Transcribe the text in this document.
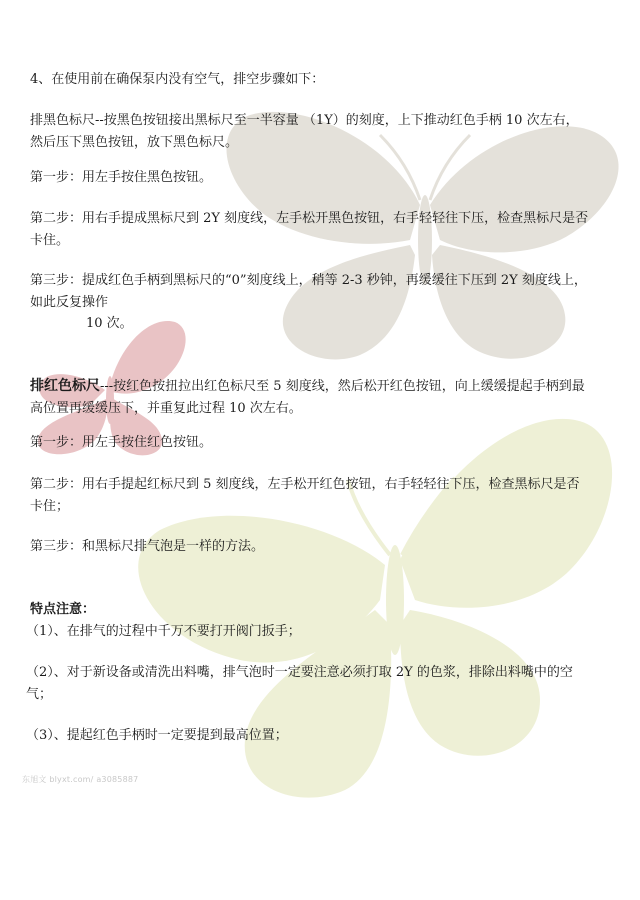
4、在使用前在确保泵内没有空气，排空步骤如下：

排黑色标尺--按黑色按钮接出黑标尺至一半容量 （1Y）的刻度，上下推动红色手柄 10 次左右，然后压下黑色按钮，放下黑色标尺。

第一步：用左手按住黑色按钮。

第二步：用右手提成黑标尺到 2Y 刻度线，左手松开黑色按钮，右手轻轻往下压，检查黑标尺是否卡住。

第三步：提成红色手柄到黑标尺的“0”刻度线上，稍等 2-3 秒钟，再缓缓往下压到 2Y 刻度线上，如此反复操作

10 次。

排红色标尺---按红色按扭拉出红色标尺至 5 刻度线，然后松开红色按钮，向上缓缓提起手柄到最高位置再缓缓压下，并重复此过程 10 次左右。

第一步：用左手按住红色按钮。

第二步：用右手提起红标尺到 5 刻度线，左手松开红色按钮，右手轻轻往下压，检查黑标尺是否卡住；

第三步：和黑标尺排气泡是一样的方法。

特点注意：

（1）、在排气的过程中千万不要打开阀门扳手；

（2）、对于新设备或清洗出料嘴，排气泡时一定要注意必须打取 2Y 的色浆，排除出料嘴中的空气；

（3）、提起红色手柄时一定要提到最高位置；

东旭文 blyxt.com/ a3085887
